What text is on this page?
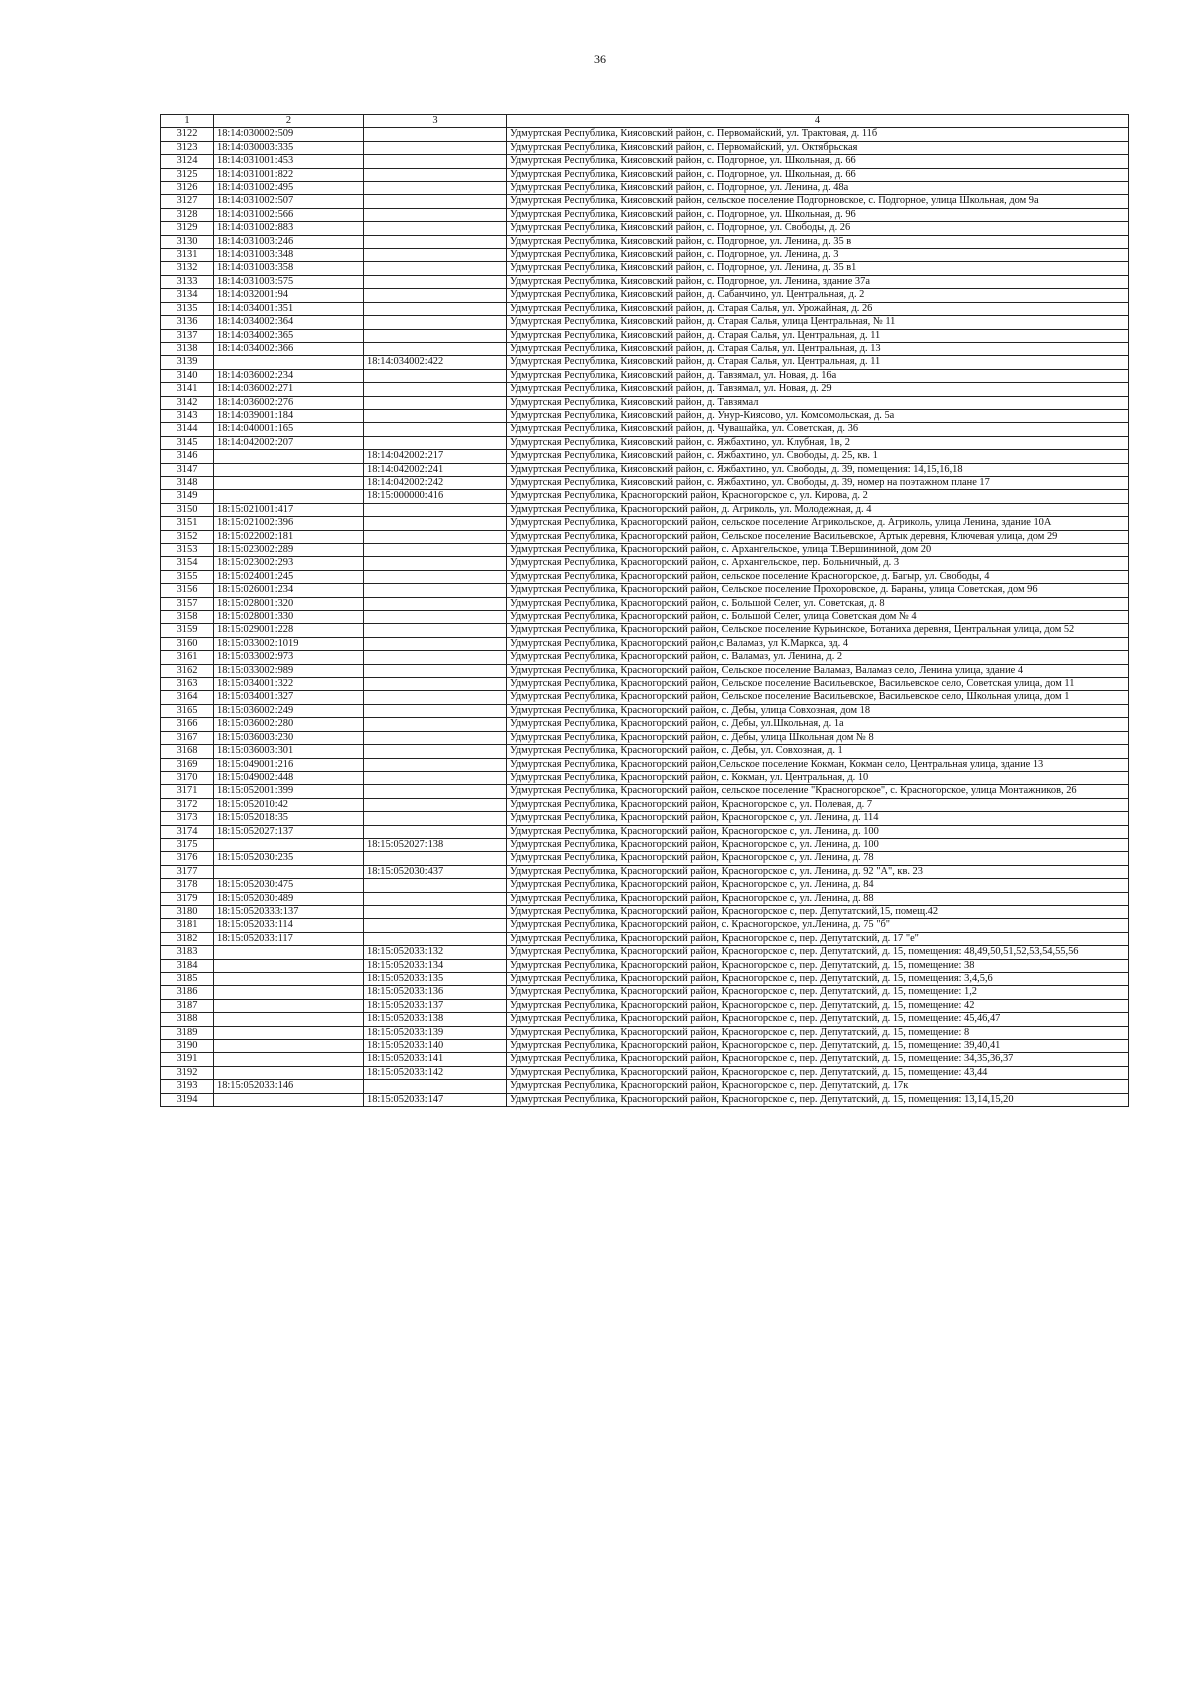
36
1	2	3	4
3122	18:14:030002:509		Удмуртская Республика, Киясовский район, с. Первомайский, ул. Трактовая, д. 11б
3123	18:14:030003:335		Удмуртская Республика, Киясовский район, с. Первомайский, ул. Октябрьская
3124	18:14:031001:453		Удмуртская Республика, Киясовский район, с. Подгорное, ул. Школьная, д. 66
3125	18:14:031001:822		Удмуртская Республика, Киясовский район, с. Подгорное, ул. Школьная, д. 66
3126	18:14:031002:495		Удмуртская Республика, Киясовский район, с. Подгорное, ул. Ленина, д. 48а
3127	18:14:031002:507		Удмуртская Республика, Киясовский район, сельское поселение Подгорновское, с. Подгорное, улица Школьная, дом 9а
3128	18:14:031002:566		Удмуртская Республика, Киясовский район, с. Подгорное, ул. Школьная, д. 96
3129	18:14:031002:883		Удмуртская Республика, Киясовский район, с. Подгорное, ул. Свободы, д. 26
3130	18:14:031003:246		Удмуртская Республика, Киясовский район, с. Подгорное, ул. Ленина, д. 35 в
3131	18:14:031003:348		Удмуртская Республика, Киясовский район, с. Подгорное, ул. Ленина, д. 3
3132	18:14:031003:358		Удмуртская Республика, Киясовский район, с. Подгорное, ул. Ленина, д. 35 в1
3133	18:14:031003:575		Удмуртская Республика, Киясовский район, с. Подгорное, ул. Ленина, здание 37а
3134	18:14:032001:94		Удмуртская Республика, Киясовский район, д. Сабанчино, ул. Центральная, д. 2
3135	18:14:034001:351		Удмуртская Республика, Киясовский район, д. Старая Салья, ул. Урожайная, д. 26
3136	18:14:034002:364		Удмуртская Республика, Киясовский район, д. Старая Салья, улица Центральная, № 11
3137	18:14:034002:365		Удмуртская Республика, Киясовский район, д. Старая Салья, ул. Центральная, д. 11
3138	18:14:034002:366		Удмуртская Республика, Киясовский район, д. Старая Салья, ул. Центральная, д. 13
3139		18:14:034002:422	Удмуртская Республика, Киясовский район, д. Старая Салья, ул. Центральная, д. 11
3140	18:14:036002:234		Удмуртская Республика, Киясовский район, д. Тавзямал, ул. Новая, д. 16а
3141	18:14:036002:271		Удмуртская Республика, Киясовский район, д. Тавзямал, ул. Новая, д. 29
3142	18:14:036002:276		Удмуртская Республика, Киясовский район, д. Тавзямал
3143	18:14:039001:184		Удмуртская Республика, Киясовский район, д. Унур-Киясово, ул. Комсомольская, д. 5а
3144	18:14:040001:165		Удмуртская Республика, Киясовский район, д. Чувашайка, ул. Советская, д. 36
3145	18:14:042002:207		Удмуртская Республика, Киясовский район, с. Яжбахтино, ул. Клубная, 1в, 2
3146		18:14:042002:217	Удмуртская Республика, Киясовский район, с. Яжбахтино, ул. Свободы, д. 25, кв. 1
3147		18:14:042002:241	Удмуртская Республика, Киясовский район, с. Яжбахтино, ул. Свободы, д. 39, помещения: 14,15,16,18
3148		18:14:042002:242	Удмуртская Республика, Киясовский район, с. Яжбахтино, ул. Свободы, д. 39, номер на поэтажном плане 17
3149		18:15:000000:416	Удмуртская Республика, Красногорский район, Красногорское с, ул. Кирова, д. 2
3150	18:15:021001:417		Удмуртская Республика, Красногорский район, д. Агриколь, ул. Молодежная, д. 4
3151	18:15:021002:396		Удмуртская Республика, Красногорский район, сельское поселение Агрикольское, д. Агриколь, улица Ленина, здание 10А
3152	18:15:022002:181		Удмуртская Республика, Красногорский район, Сельское поселение Васильевское, Артык деревня, Ключевая улица, дом 29
3153	18:15:023002:289		Удмуртская Республика, Красногорский район, с. Архангельское, улица Т.Вершининой, дом 20
3154	18:15:023002:293		Удмуртская Республика, Красногорский район, с. Архангельское, пер. Больничный, д. 3
3155	18:15:024001:245		Удмуртская Республика, Красногорский район, сельское поселение Красногорское, д. Багыр, ул. Свободы, 4
3156	18:15:026001:234		Удмуртская Республика, Красногорский район, Сельское поселение Прохоровское, д. Бараны, улица Советская, дом 96
3157	18:15:028001:320		Удмуртская Республика, Красногорский район, с. Большой Селег, ул. Советская, д. 8
3158	18:15:028001:330		Удмуртская Республика, Красногорский район, с. Большой Селег, улица Советская дом № 4
3159	18:15:029001:228		Удмуртская Республика, Красногорский район, Сельское поселение Курьинское, Ботаниха деревня, Центральная улица, дом 52
3160	18:15:033002:1019		Удмуртская Республика, Красногорский район,с Валамаз, ул К.Маркса, зд. 4
3161	18:15:033002:973		Удмуртская Республика, Красногорский район, с. Валамаз, ул. Ленина, д. 2
3162	18:15:033002:989		Удмуртская Республика, Красногорский район, Сельское поселение Валамаз, Валамаз село, Ленина улица, здание 4
3163	18:15:034001:322		Удмуртская Республика, Красногорский район, Сельское поселение Васильевское, Васильевское село, Советская улица, дом 11
3164	18:15:034001:327		Удмуртская Республика, Красногорский район, Сельское поселение Васильевское, Васильевское село, Школьная улица, дом 1
3165	18:15:036002:249		Удмуртская Республика, Красногорский район, с. Дебы, улица Совхозная, дом 18
3166	18:15:036002:280		Удмуртская Республика, Красногорский район, с. Дебы, ул.Школьная, д. 1а
3167	18:15:036003:230		Удмуртская Республика, Красногорский район, с. Дебы, улица Школьная дом № 8
3168	18:15:036003:301		Удмуртская Республика, Красногорский район, с. Дебы, ул. Совхозная, д. 1
3169	18:15:049001:216		Удмуртская Республика, Красногорский район,Сельское поселение Кокман, Кокман село, Центральная улица, здание 13
3170	18:15:049002:448		Удмуртская Республика, Красногорский район, с. Кокман, ул. Центральная, д. 10
3171	18:15:052001:399		Удмуртская Республика, Красногорский район, сельское поселение "Красногорское", с. Красногорское, улица Монтажников, 26
3172	18:15:052010:42		Удмуртская Республика, Красногорский район, Красногорское с, ул. Полевая, д. 7
3173	18:15:052018:35		Удмуртская Республика, Красногорский район, Красногорское с, ул. Ленина, д. 114
3174	18:15:052027:137		Удмуртская Республика, Красногорский район, Красногорское с, ул. Ленина, д. 100
3175		18:15:052027:138	Удмуртская Республика, Красногорский район, Красногорское с, ул. Ленина, д. 100
3176	18:15:052030:235		Удмуртская Республика, Красногорский район, Красногорское с, ул. Ленина, д. 78
3177		18:15:052030:437	Удмуртская Республика, Красногорский район, Красногорское с, ул. Ленина, д. 92 "А", кв. 23
3178	18:15:052030:475		Удмуртская Республика, Красногорский район, Красногорское с, ул. Ленина, д. 84
3179	18:15:052030:489		Удмуртская Республика, Красногорский район, Красногорское с, ул. Ленина, д. 88
3180	18:15:0520333:137		Удмуртская Республика, Красногорский район, Красногорское с, пер. Депутатский,15, помещ.42
3181	18:15:052033:114		Удмуртская Республика, Красногорский район, с. Красногорское, ул.Ленина, д. 75 "б"
3182	18:15:052033:117		Удмуртская Республика, Красногорский район, Красногорское с, пер. Депутатский, д. 17 "е"
3183		18:15:052033:132	Удмуртская Республика, Красногорский район, Красногорское с, пер. Депутатский, д. 15, помещения: 48,49,50,51,52,53,54,55,56
3184		18:15:052033:134	Удмуртская Республика, Красногорский район, Красногорское с, пер. Депутатский, д. 15, помещение: 38
3185		18:15:052033:135	Удмуртская Республика, Красногорский район, Красногорское с, пер. Депутатский, д. 15, помещения: 3,4,5,6
3186		18:15:052033:136	Удмуртская Республика, Красногорский район, Красногорское с, пер. Депутатский, д. 15, помещение: 1,2
3187		18:15:052033:137	Удмуртская Республика, Красногорский район, Красногорское с, пер. Депутатский, д. 15, помещение: 42
3188		18:15:052033:138	Удмуртская Республика, Красногорский район, Красногорское с, пер. Депутатский, д. 15, помещение: 45,46,47
3189		18:15:052033:139	Удмуртская Республика, Красногорский район, Красногорское с, пер. Депутатский, д. 15, помещение: 8
3190		18:15:052033:140	Удмуртская Республика, Красногорский район, Красногорское с, пер. Депутатский, д. 15, помещение: 39,40,41
3191		18:15:052033:141	Удмуртская Республика, Красногорский район, Красногорское с, пер. Депутатский, д. 15, помещение: 34,35,36,37
3192		18:15:052033:142	Удмуртская Республика, Красногорский район, Красногорское с, пер. Депутатский, д. 15, помещение: 43,44
3193	18:15:052033:146		Удмуртская Республика, Красногорский район, Красногорское с, пер. Депутатский, д. 17к
3194		18:15:052033:147	Удмуртская Республика, Красногорский район, Красногорское с, пер. Депутатский, д. 15, помещения: 13,14,15,20
